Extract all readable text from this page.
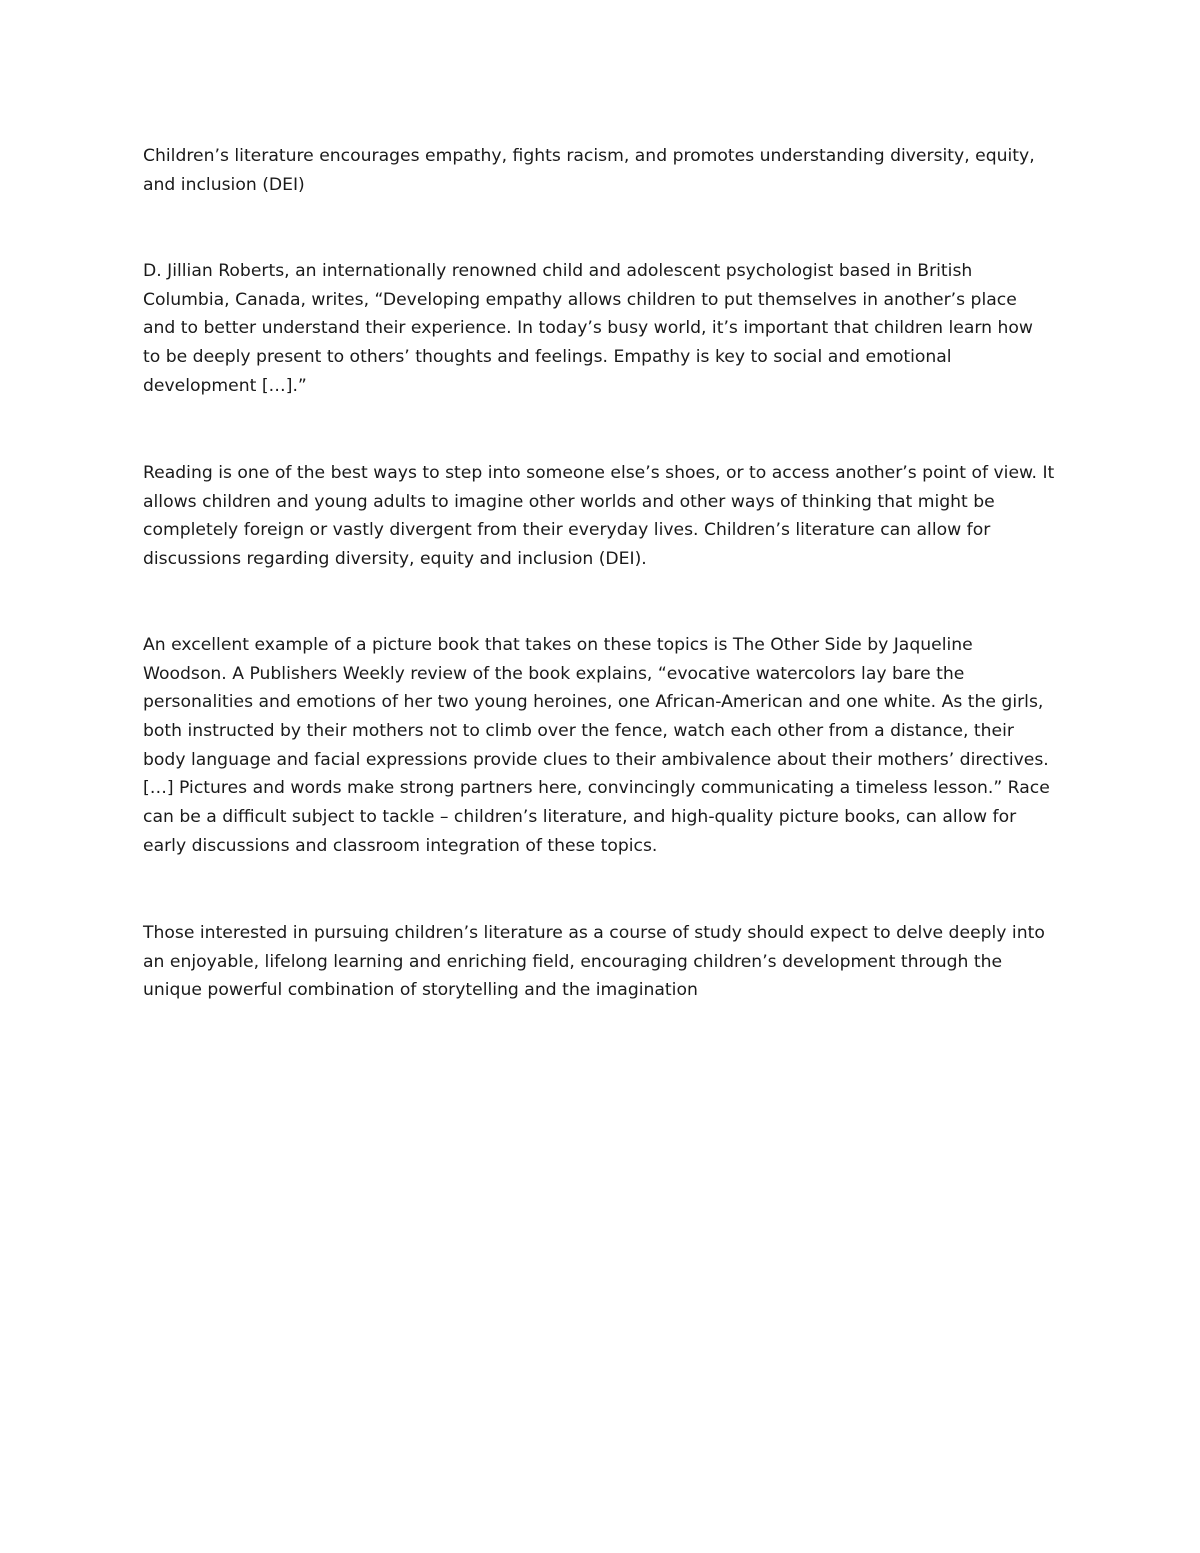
Children’s literature encourages empathy, fights racism, and promotes understanding diversity, equity,
and inclusion (DEI)

D. Jillian Roberts, an internationally renowned child and adolescent psychologist based in British
Columbia, Canada, writes, “Developing empathy allows children to put themselves in another’s place
and to better understand their experience. In today’s busy world, it’s important that children learn how
to be deeply present to others’ thoughts and feelings. Empathy is key to social and emotional
development […].”

Reading is one of the best ways to step into someone else’s shoes, or to access another’s point of view. It
allows children and young adults to imagine other worlds and other ways of thinking that might be
completely foreign or vastly divergent from their everyday lives. Children’s literature can allow for
discussions regarding diversity, equity and inclusion (DEI).

An excellent example of a picture book that takes on these topics is The Other Side by Jaqueline
Woodson. A Publishers Weekly review of the book explains, “evocative watercolors lay bare the
personalities and emotions of her two young heroines, one African-American and one white. As the girls,
both instructed by their mothers not to climb over the fence, watch each other from a distance, their
body language and facial expressions provide clues to their ambivalence about their mothers’ directives.
[…] Pictures and words make strong partners here, convincingly communicating a timeless lesson.” Race
can be a difficult subject to tackle – children’s literature, and high-quality picture books, can allow for
early discussions and classroom integration of these topics.

Those interested in pursuing children’s literature as a course of study should expect to delve deeply into
an enjoyable, lifelong learning and enriching field, encouraging children’s development through the
unique powerful combination of storytelling and the imagination
